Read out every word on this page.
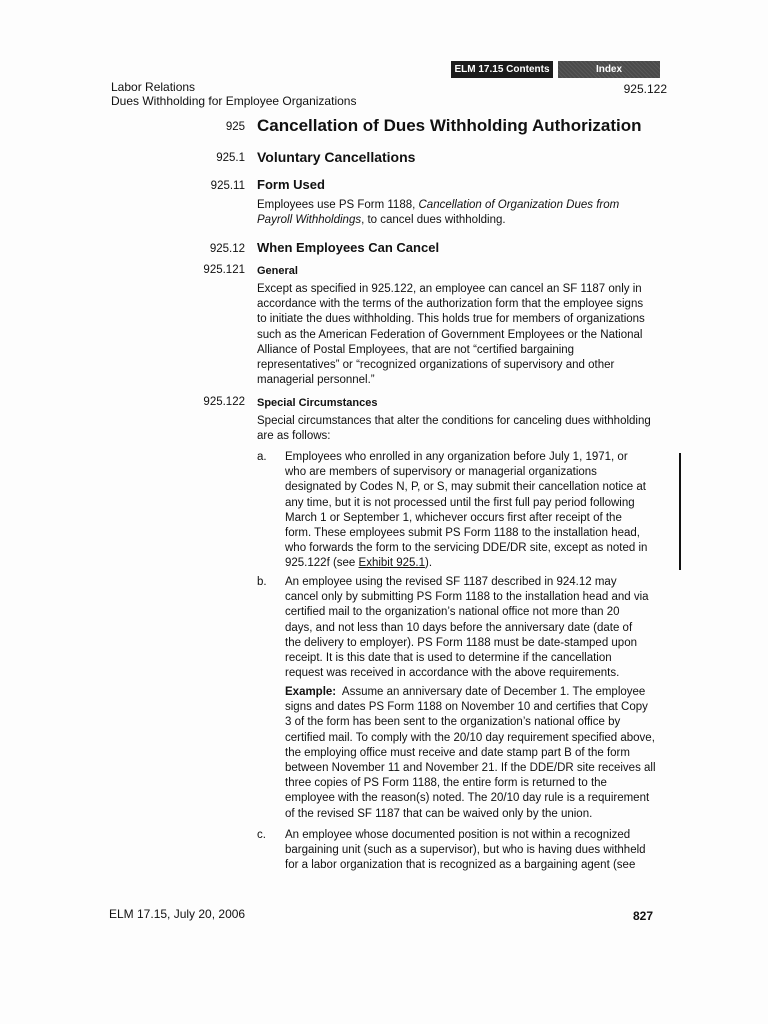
ELM 17.15 Contents	Index
Labor Relations
Dues Withholding for Employee Organizations
925.122
925 Cancellation of Dues Withholding Authorization
925.1 Voluntary Cancellations
925.11 Form Used
Employees use PS Form 1188, Cancellation of Organization Dues from
Payroll Withholdings, to cancel dues withholding.
925.12 When Employees Can Cancel
925.121 General
Except as specified in 925.122, an employee can cancel an SF 1187 only in
accordance with the terms of the authorization form that the employee signs
to initiate the dues withholding. This holds true for members of organizations
such as the American Federation of Government Employees or the National
Alliance of Postal Employees, that are not “certified bargaining
representatives” or “recognized organizations of supervisory and other
managerial personnel.”
925.122 Special Circumstances
Special circumstances that alter the conditions for canceling dues withholding
are as follows:
a. Employees who enrolled in any organization before July 1, 1971, or
who are members of supervisory or managerial organizations
designated by Codes N, P, or S, may submit their cancellation notice at
any time, but it is not processed until the first full pay period following
March 1 or September 1, whichever occurs first after receipt of the
form. These employees submit PS Form 1188 to the installation head,
who forwards the form to the servicing DDE/DR site, except as noted in
925.122f (see Exhibit 925.1).
b. An employee using the revised SF 1187 described in 924.12 may
cancel only by submitting PS Form 1188 to the installation head and via
certified mail to the organization’s national office not more than 20
days, and not less than 10 days before the anniversary date (date of
the delivery to employer). PS Form 1188 must be date-stamped upon
receipt. It is this date that is used to determine if the cancellation
request was received in accordance with the above requirements.
Example:  Assume an anniversary date of December 1. The employee
signs and dates PS Form 1188 on November 10 and certifies that Copy
3 of the form has been sent to the organization’s national office by
certified mail. To comply with the 20/10 day requirement specified above,
the employing office must receive and date stamp part B of the form
between November 11 and November 21. If the DDE/DR site receives all
three copies of PS Form 1188, the entire form is returned to the
employee with the reason(s) noted. The 20/10 day rule is a requirement
of the revised SF 1187 that can be waived only by the union.
c. An employee whose documented position is not within a recognized
bargaining unit (such as a supervisor), but who is having dues withheld
for a labor organization that is recognized as a bargaining agent (see
ELM 17.15, July 20, 2006	827
